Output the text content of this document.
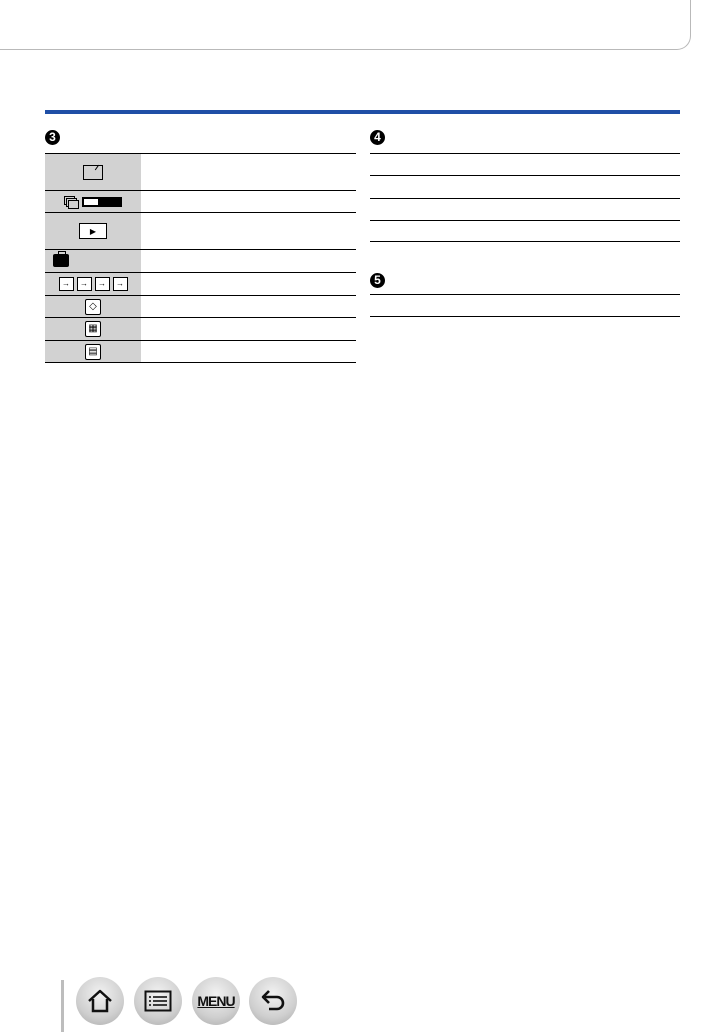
3
▶
→	→	→	→
◇
▦
▤
4
5
MENU
